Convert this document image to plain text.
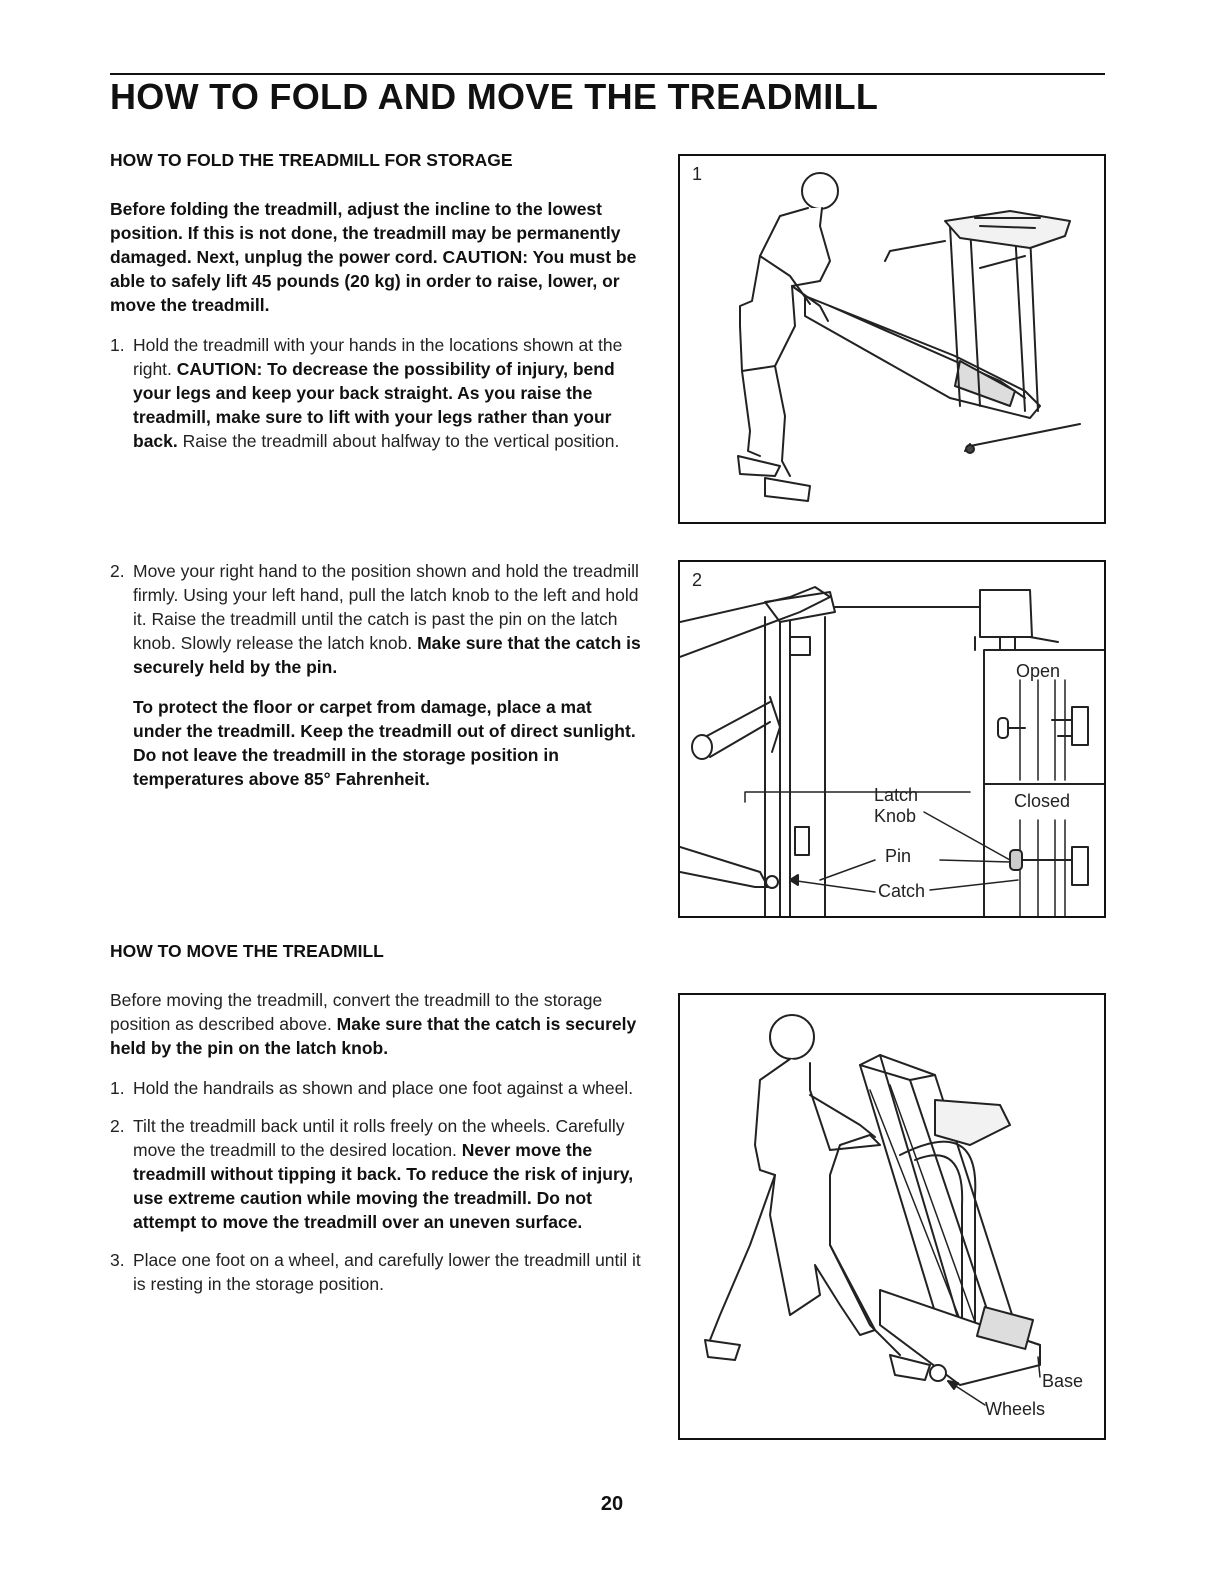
HOW TO FOLD AND MOVE THE TREADMILL
HOW TO FOLD THE TREADMILL FOR STORAGE

Before folding the treadmill, adjust the incline to the lowest position. If this is not done, the treadmill may be permanently damaged. Next, unplug the power cord. CAUTION: You must be able to safely lift 45 pounds (20 kg) in order to raise, lower, or move the treadmill.

1. Hold the treadmill with your hands in the locations shown at the right. CAUTION: To decrease the possibility of injury, bend your legs and keep your back straight. As you raise the treadmill, make sure to lift with your legs rather than your back. Raise the treadmill about halfway to the vertical position.
2. Move your right hand to the position shown and hold the treadmill firmly. Using your left hand, pull the latch knob to the left and hold it. Raise the treadmill until the catch is past the pin on the latch knob. Slowly release the latch knob. Make sure that the catch is securely held by the pin.

To protect the floor or carpet from damage, place a mat under the treadmill. Keep the treadmill out of direct sunlight. Do not leave the treadmill in the storage position in temperatures above 85° Fahrenheit.

HOW TO MOVE THE TREADMILL

Before moving the treadmill, convert the treadmill to the storage position as described above. Make sure that the catch is securely held by the pin on the latch knob.

1. Hold the handrails as shown and place one foot against a wheel.
2. Tilt the treadmill back until it rolls freely on the wheels. Carefully move the treadmill to the desired location. Never move the treadmill without tipping it back. To reduce the risk of injury, use extreme caution while moving the treadmill. Do not attempt to move the treadmill over an uneven surface.
3. Place one foot on a wheel, and carefully lower the treadmill until it is resting in the storage position.
1
2
Open
Closed
Latch
Knob
Pin
Catch
Base
Wheels
20
